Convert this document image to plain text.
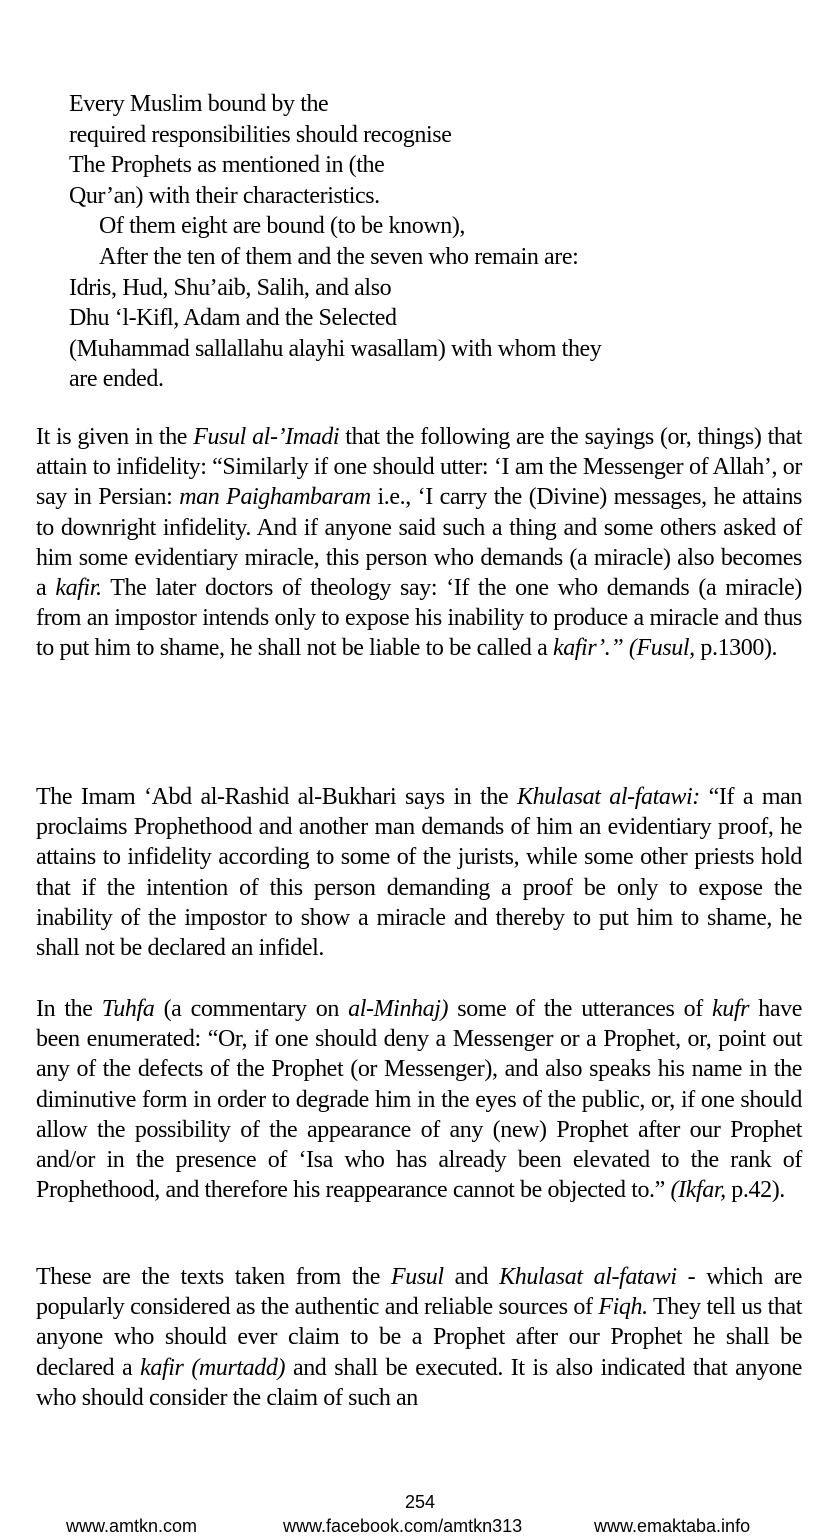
Every Muslim bound by the
required responsibilities should recognise
The Prophets as mentioned in (the
Qur’an) with their characteristics.
Of them eight are bound (to be known),
After the ten of them and the seven who remain are:
Idris, Hud, Shu’aib, Salih, and also
Dhu ‘l-Kifl, Adam and the Selected
(Muhammad sallallahu alayhi wasallam) with whom they
are ended.

It is given in the Fusul al-’Imadi that the following are the sayings (or, things) that attain to infidelity: “Similarly if one should utter: ‘I am the Messenger of Allah’, or say in Persian: man Paighambaram i.e., ‘I carry the (Divine) messages, he attains to downright infidelity. And if anyone said such a thing and some others asked of him some evidentiary miracle, this person who demands (a miracle) also becomes a kafir. The later doctors of theology say: ‘If the one who demands (a miracle) from an impostor intends only to expose his inability to produce a miracle and thus to put him to shame, he shall not be liable to be called a kafir’.” (Fusul, p.1300).

The Imam ‘Abd al-Rashid al-Bukhari says in the Khulasat al-fatawi: “If a man proclaims Prophethood and another man demands of him an evidentiary proof, he attains to infidelity according to some of the jurists, while some other priests hold that if the intention of this person demanding a proof be only to expose the inability of the impostor to show a miracle and thereby to put him to shame, he shall not be declared an infidel.

In the Tuhfa (a commentary on al-Minhaj) some of the utterances of kufr have been enumerated: “Or, if one should deny a Messenger or a Prophet, or, point out any of the defects of the Prophet (or Messenger), and also speaks his name in the diminutive form in order to degrade him in the eyes of the public, or, if one should allow the possibility of the appearance of any (new) Prophet after our Prophet and/or in the presence of ‘Isa who has already been elevated to the rank of Prophethood, and therefore his reappearance cannot be objected to.” (Ikfar, p.42).

These are the texts taken from the Fusul and Khulasat al-fatawi - which are popularly considered as the authentic and reliable sources of Fiqh. They tell us that anyone who should ever claim to be a Prophet after our Prophet he shall be declared a kafir (murtadd) and shall be executed. It is also indicated that anyone who should consider the claim of such an

254
www.amtkn.com	www.facebook.com/amtkn313	www.emaktaba.info
